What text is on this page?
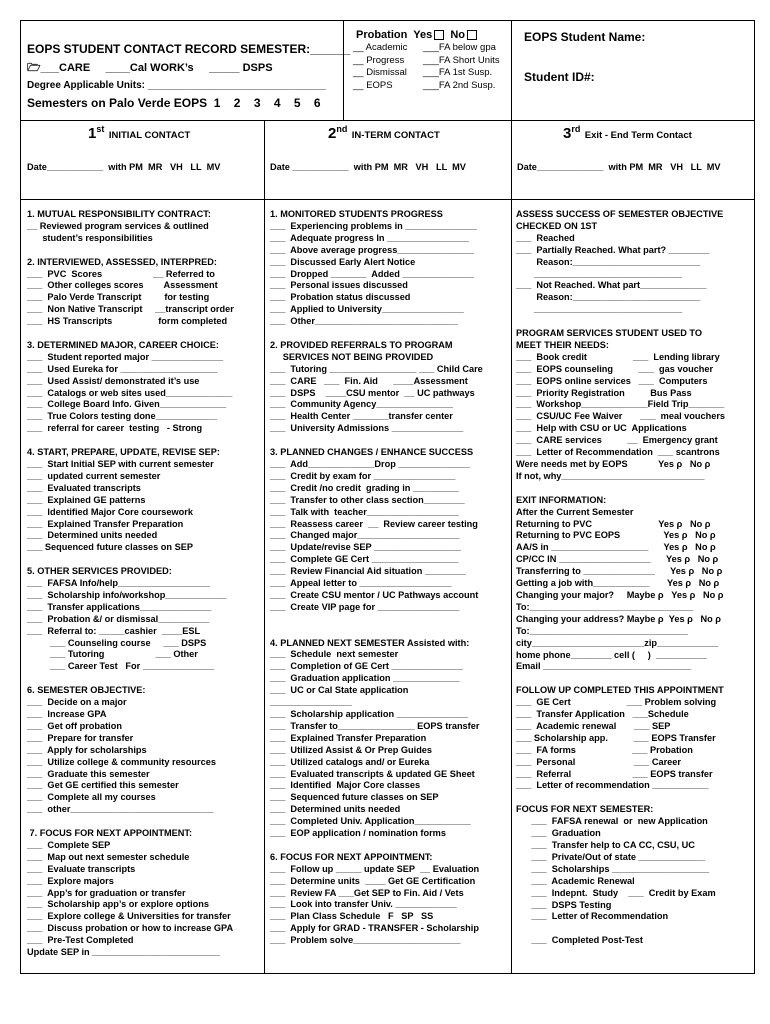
EOPS STUDENT CONTACT RECORD SEMESTER:______
🗁___CARE     ____Cal WORK’s     _____ DSPS
Degree Applicable Units: ________________________________
Semesters on Palo Verde EOPS 1 2 3 4 5 6
Probation  Yes No
__ Academic
__ Progress
__ Dismissal
__ EOPS
___FA below gpa
___FA Short Units
___FA 1st Susp.
___FA 2nd Susp.
EOPS Student Name:
Student ID#:
1st INITIAL CONTACT	2nd IN-TERM CONTACT	3rd Exit - End Term Contact
Date___________  with PM  MR   VH   LL  MV	Date ___________  with PM  MR   VH   LL  MV	Date_____________  with PM  MR   VH   LL  MV
1. MUTUAL RESPONSIBILITY CONTRACT:
__ Reviewed program services & outlined
student’s responsibilities
2. INTERVIEWED, ASSESSED, INTERPRED:
___  PVC  Scores                    __ Referred to
___  Other colleges scores        Assessment
___  Palo Verde Transcript         for testing
___  Non Native Transcript     __transcript order
___  HS Transcripts                  form completed
3. DETERMINED MAJOR, CAREER CHOICE:
___  Student reported major ______________
___  Used Eureka for ___________________
___  Used Assist/ demonstrated it’s use
___  Catalogs or web sites used_____________
___  College Board Info. Given_____________
___  True Colors testing done____________
___  referral for career  testing   - Strong
4. START, PREPARE, UPDATE, REVISE SEP:
___  Start Initial SEP with current semester
___  updated current semester
___  Evaluated transcripts
___  Explained GE patterns
___  Identified Major Core coursework
___  Explained Transfer Preparation
___  Determined units needed
___ Sequenced future classes on SEP
5. OTHER SERVICES PROVIDED:
___  FAFSA Info/help__________________
___  Scholarship info/workshop____________
___  Transfer applications______________
___  Probation &/ or dismissal__________
___  Referral to: _____cashier  ____ESL
___ Counseling course     ___ DSPS
___ Tutoring                    ___ Other
___ Career Test   For ______________
6. SEMESTER OBJECTIVE:
___  Decide on a major
___  Increase GPA
___  Get off probation
___  Prepare for transfer
___  Apply for scholarships
___  Utilize college & community resources
___  Graduate this semester
___  Get GE certified this semester
___  Complete all my courses
___  other____________________________
7. FOCUS FOR NEXT APPOINTMENT:
___  Complete SEP
___  Map out next semester schedule
___  Evaluate transcripts
___  Explore majors
___  App’s for graduation or transfer
___  Scholarship app’s or explore options
___  Explore college & Universities for transfer
___  Discuss probation or how to increase GPA
___  Pre-Test Completed
Update SEP in _________________________
1. MONITORED STUDENTS PROGRESS
___  Experiencing problems in ______________
___  Adequate progress In ________________
___  Above average progress_______________
___  Discussed Early Alert Notice
___  Dropped _______  Added ______________
___  Personal issues discussed
___  Probation status discussed
___  Applied to University________________
___  Other____________________________
2. PROVIDED REFERRALS TO PROGRAM
SERVICES NOT BEING PROVIDED
___  Tutoring _________________ ___ Child Care
___  CARE   ___  Fin. Aid      ____Assessment
___  DSPS    ____CSU mentor  __ UC pathways
___  Community Agency_______________
___  Health Center _______transfer center
___  University Admissions ______________
3. PLANNED CHANGES / ENHANCE SUCCESS
___  Add_____________Drop ______________
___  Credit by exam for ________________
___  Credit /no credit  grading in _________
___  Transfer to other class section________
___  Talk with  teacher__________________
___  Reassess career  __  Review career testing
___  Changed major____________________
___  Update/revise SEP _________________
___  Complete GE Cert _________________
___  Review Financial Aid situation ________
___  Appeal letter to __________________
___  Create CSU mentor / UC Pathways account
___  Create VIP page for ________________
4. PLANNED NEXT SEMESTER Assisted with:
___  Schedule  next semester
___  Completion of GE Cert ______________
___  Graduation application _____________
___  UC or Cal State application
________________
___  Scholarship application ______________
___  Transfer to_______________ EOPS transfer
___  Explained Transfer Preparation
___  Utilized Assist & Or Prep Guides
___  Utilized catalogs and/ or Eureka
___  Evaluated transcripts & updated GE Sheet
___  Identified  Major Core classes
___  Sequenced future classes on SEP
___  Determined units needed
___  Completed Univ. Application___________
___  EOP application / nomination forms
6. FOCUS FOR NEXT APPOINTMENT:
___  Follow up _____ update SEP  __ Evaluation
___  Determine units  ____ Get GE Certification
___  Review FA ___Get SEP to Fin. Aid / Vets
___  Look into transfer Univ. ____________
___  Plan Class Schedule   F   SP   SS
___  Apply for GRAD - TRANSFER - Scholarship
___  Problem solve_____________________
ASSESS SUCCESS OF SEMESTER OBJECTIVE
CHECKED ON 1ST
___  Reached
___  Partially Reached. What part? ________
Reason:_________________________
_____________________________
___  Not Reached. What part_____________
Reason:_________________________
_____________________________
PROGRAM SERVICES STUDENT USED TO
MEET THEIR NEEDS:
___  Book credit                  ___  Lending library
___  EOPS counseling          ___  gas voucher
___  EOPS online services   ___  Computers
___  Priority Registration          Bus Pass
___  Workshop_____________Field Trip_______
___  CSU/UC Fee Waiver       ___  meal vouchers
___  Help with CSU or UC  Applications
___  CARE services          __  Emergency grant
___  Letter of Recommendation  ___ scantrons
Were needs met by EOPS            Yes ρ   No ρ
If not, why____________________________
EXIT INFORMATION:
After the Current Semester
Returning to PVC                          Yes ρ   No ρ
Returning to PVC EOPS                 Yes ρ   No ρ
AA/S in ___________________      Yes ρ   No ρ
CP/CC IN __________________      Yes ρ   No ρ
Transferring to ______________      Yes ρ   No ρ
Getting a job with___________       Yes ρ   No ρ
Changing your major?     Maybe ρ   Yes ρ   No ρ
To:________________________________
Changing your address? Maybe ρ  Yes ρ   No ρ
To:_______________________________
city______________________zip____________
home phone________ cell (     )  __________
Email _____________________________
FOLLOW UP COMPLETED THIS APPOINTMENT
___  GE Cert                      ___ Problem solving
___  Transfer Application   ___Schedule
___  Academic renewal       ___ SEP
___ Scholarship app.          ___ EOPS Transfer
___  FA forms                      ___ Probation
___  Personal                       ___ Career
___  Referral                        ___ EOPS transfer
___  Letter of recommendation ___________
FOCUS FOR NEXT SEMESTER:
___  FAFSA renewal  or  new Application
___  Graduation
___  Transfer help to CA CC, CSU, UC
___  Private/Out of state _____________
___  Scholarships ___________________
___  Academic Renewal
___  Indepnt.  Study    ___  Credit by Exam
___  DSPS Testing
___  Letter of Recommendation
___  Completed Post-Test
